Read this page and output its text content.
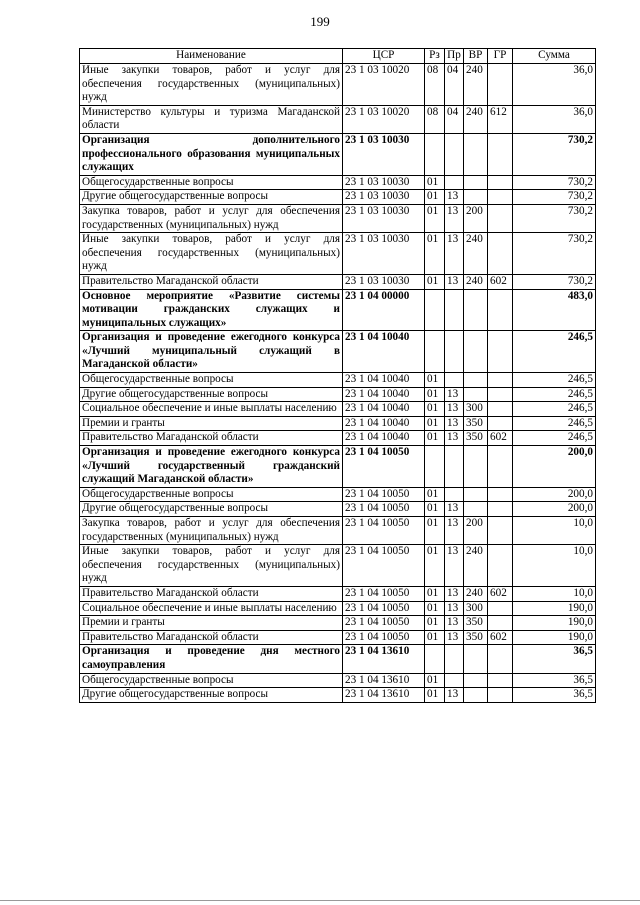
199
Наименование	ЦСР	Рз	Пр	ВР	ГР	Сумма
Иные закупки товаров, работ и услуг для обеспечения государственных (муниципальных) нужд	23 1 03 10020	08	04	240		36,0
Министерство культуры и туризма Магаданской области	23 1 03 10020	08	04	240	612	36,0
Организация дополнительного профессионального образования муниципальных служащих	23 1 03 10030					730,2
Общегосударственные вопросы	23 1 03 10030	01				730,2
Другие общегосударственные вопросы	23 1 03 10030	01	13			730,2
Закупка товаров, работ и услуг для обеспечения государственных (муниципальных) нужд	23 1 03 10030	01	13	200		730,2
Иные закупки товаров, работ и услуг для обеспечения государственных (муниципальных) нужд	23 1 03 10030	01	13	240		730,2
Правительство Магаданской области	23 1 03 10030	01	13	240	602	730,2
Основное мероприятие «Развитие системы мотивации гражданских служащих и муниципальных служащих»	23 1 04 00000					483,0
Организация и проведение ежегодного конкурса «Лучший муниципальный служащий в Магаданской области»	23 1 04 10040					246,5
Общегосударственные вопросы	23 1 04 10040	01				246,5
Другие общегосударственные вопросы	23 1 04 10040	01	13			246,5
Социальное обеспечение и иные выплаты населению	23 1 04 10040	01	13	300		246,5
Премии и гранты	23 1 04 10040	01	13	350		246,5
Правительство Магаданской области	23 1 04 10040	01	13	350	602	246,5
Организация и проведение ежегодного конкурса «Лучший государственный гражданский служащий Магаданской области»	23 1 04 10050					200,0
Общегосударственные вопросы	23 1 04 10050	01				200,0
Другие общегосударственные вопросы	23 1 04 10050	01	13			200,0
Закупка товаров, работ и услуг для обеспечения государственных (муниципальных) нужд	23 1 04 10050	01	13	200		10,0
Иные закупки товаров, работ и услуг для обеспечения государственных (муниципальных) нужд	23 1 04 10050	01	13	240		10,0
Правительство Магаданской области	23 1 04 10050	01	13	240	602	10,0
Социальное обеспечение и иные выплаты населению	23 1 04 10050	01	13	300		190,0
Премии и гранты	23 1 04 10050	01	13	350		190,0
Правительство Магаданской области	23 1 04 10050	01	13	350	602	190,0
Организация и проведение дня местного самоуправления	23 1 04 13610					36,5
Общегосударственные вопросы	23 1 04 13610	01				36,5
Другие общегосударственные вопросы	23 1 04 13610	01	13			36,5
